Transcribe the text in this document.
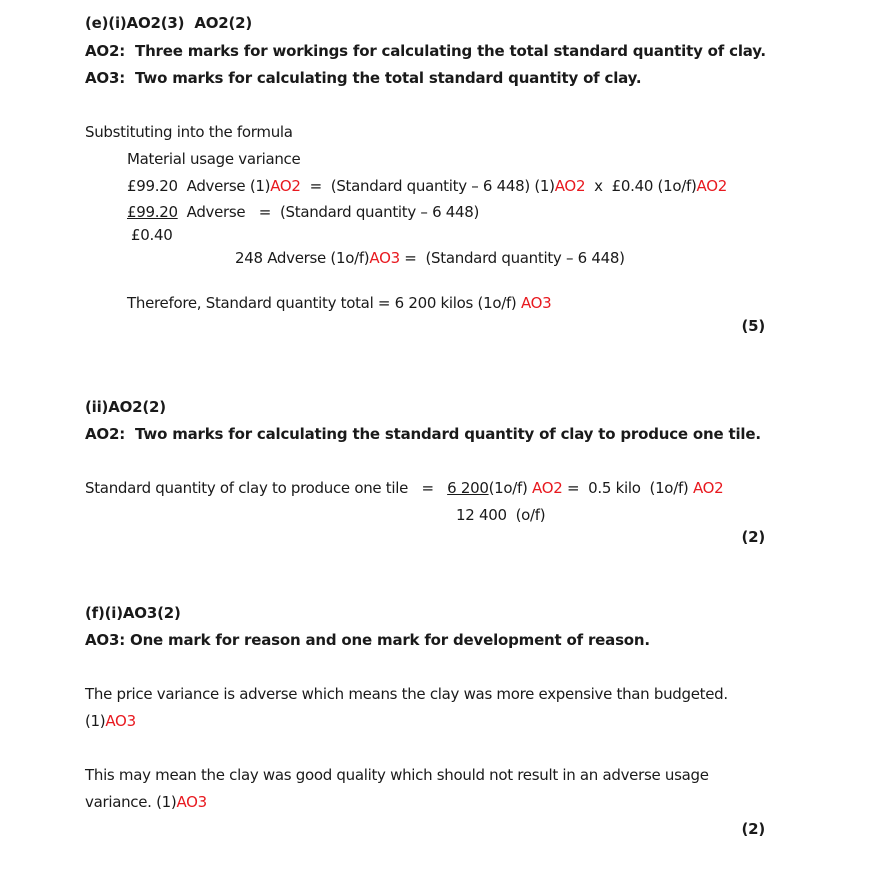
(e)(i)AO2(3)  AO2(2)
AO2:  Three marks for workings for calculating the total standard quantity of clay.
AO3:  Two marks for calculating the total standard quantity of clay.
Substituting into the formula
Material usage variance
£99.20  Adverse (1)AO2  =  (Standard quantity – 6 448) (1)AO2  x  £0.40 (1o/f)AO2
£99.20  Adverse   =  (Standard quantity – 6 448)
£0.40
248 Adverse (1o/f)AO3 =  (Standard quantity – 6 448)
Therefore, Standard quantity total = 6 200 kilos (1o/f) AO3
(5)
(ii)AO2(2)
AO2:  Two marks for calculating the standard quantity of clay to produce one tile.
Standard quantity of clay to produce one tile   =   6 200(1o/f) AO2 =  0.5 kilo  (1o/f) AO2
12 400  (o/f)
(2)
(f)(i)AO3(2)
AO3: One mark for reason and one mark for development of reason.
The price variance is adverse which means the clay was more expensive than budgeted.
(1)AO3
This may mean the clay was good quality which should not result in an adverse usage
variance. (1)AO3
(2)
